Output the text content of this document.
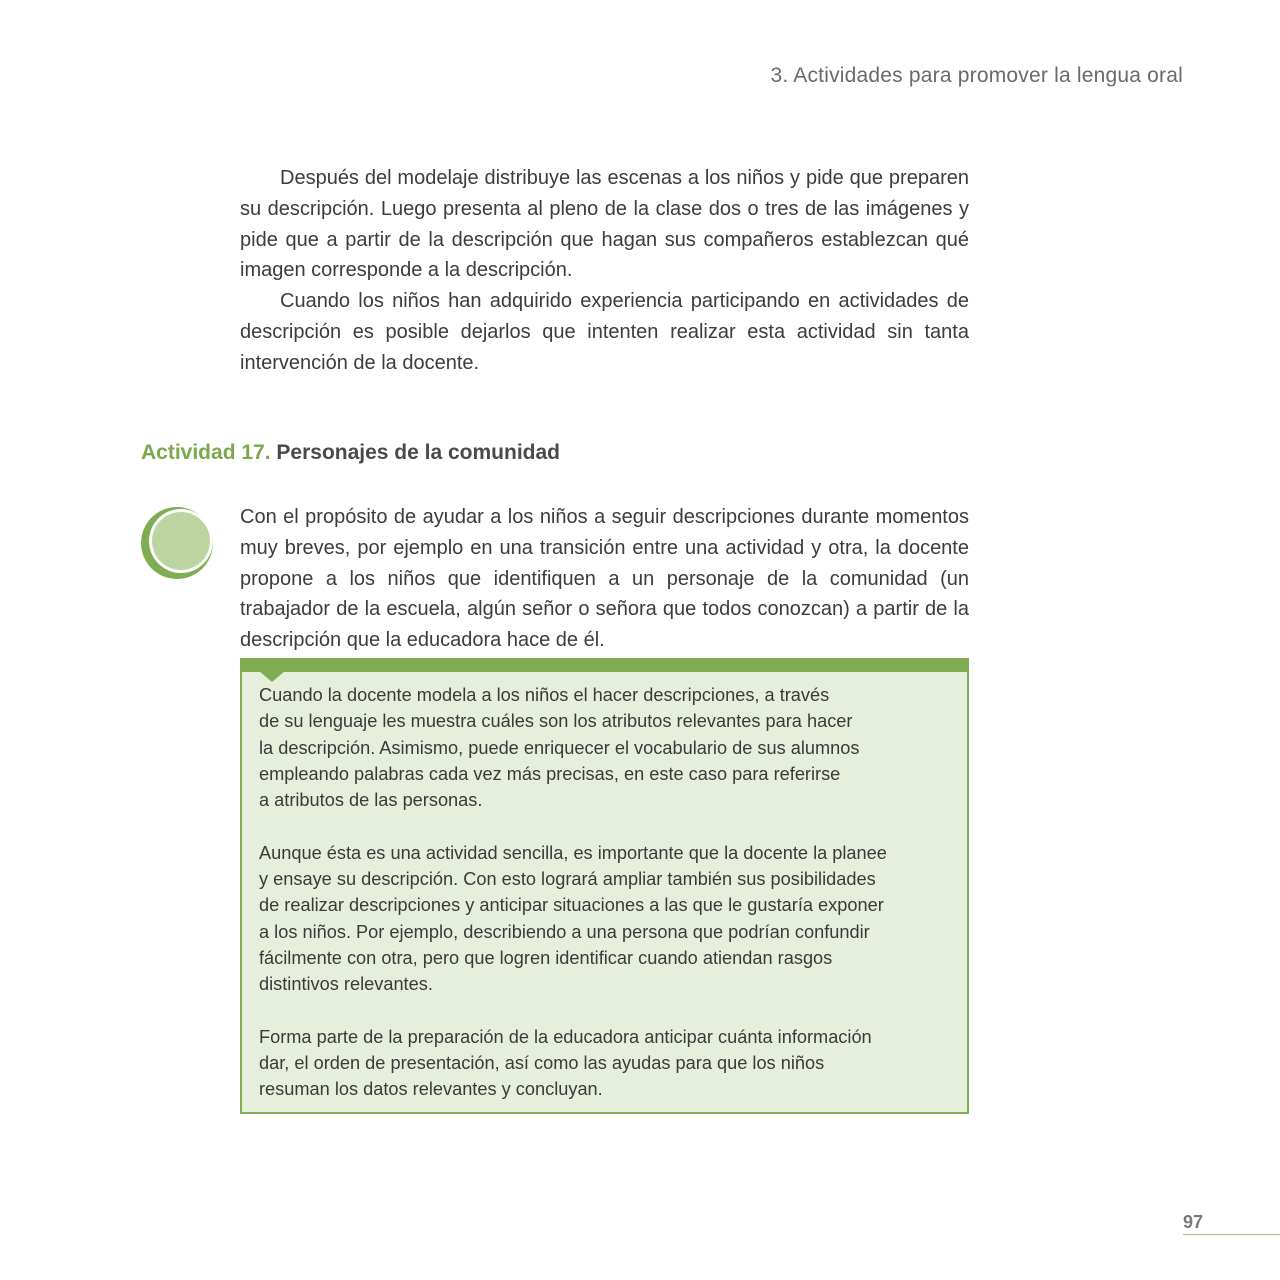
3. Actividades para promover la lengua oral

Después del modelaje distribuye las escenas a los niños y pide que preparen su descripción. Luego presenta al pleno de la clase dos o tres de las imágenes y pide que a partir de la descripción que hagan sus compañeros establezcan qué imagen corresponde a la descripción.

Cuando los niños han adquirido experiencia participando en actividades de descripción es posible dejarlos que intenten realizar esta actividad sin tanta intervención de la docente.

Actividad 17. Personajes de la comunidad

Con el propósito de ayudar a los niños a seguir descripciones durante momentos muy breves, por ejemplo en una transición entre una actividad y otra, la docente propone a los niños que identifiquen a un personaje de la comunidad (un trabajador de la escuela, algún señor o señora que todos conozcan) a partir de la descripción que la educadora hace de él.

Cuando la docente modela a los niños el hacer descripciones, a través
de su lenguaje les muestra cuáles son los atributos relevantes para hacer
la descripción. Asimismo, puede enriquecer el vocabulario de sus alumnos
empleando palabras cada vez más precisas, en este caso para referirse
a atributos de las personas.

Aunque ésta es una actividad sencilla, es importante que la docente la planee
y ensaye su descripción. Con esto logrará ampliar también sus posibilidades
de realizar descripciones y anticipar situaciones a las que le gustaría exponer
a los niños. Por ejemplo, describiendo a una persona que podrían confundir
fácilmente con otra, pero que logren identificar cuando atiendan rasgos
distintivos relevantes.

Forma parte de la preparación de la educadora anticipar cuánta información
dar, el orden de presentación, así como las ayudas para que los niños
resuman los datos relevantes y concluyan.

97
